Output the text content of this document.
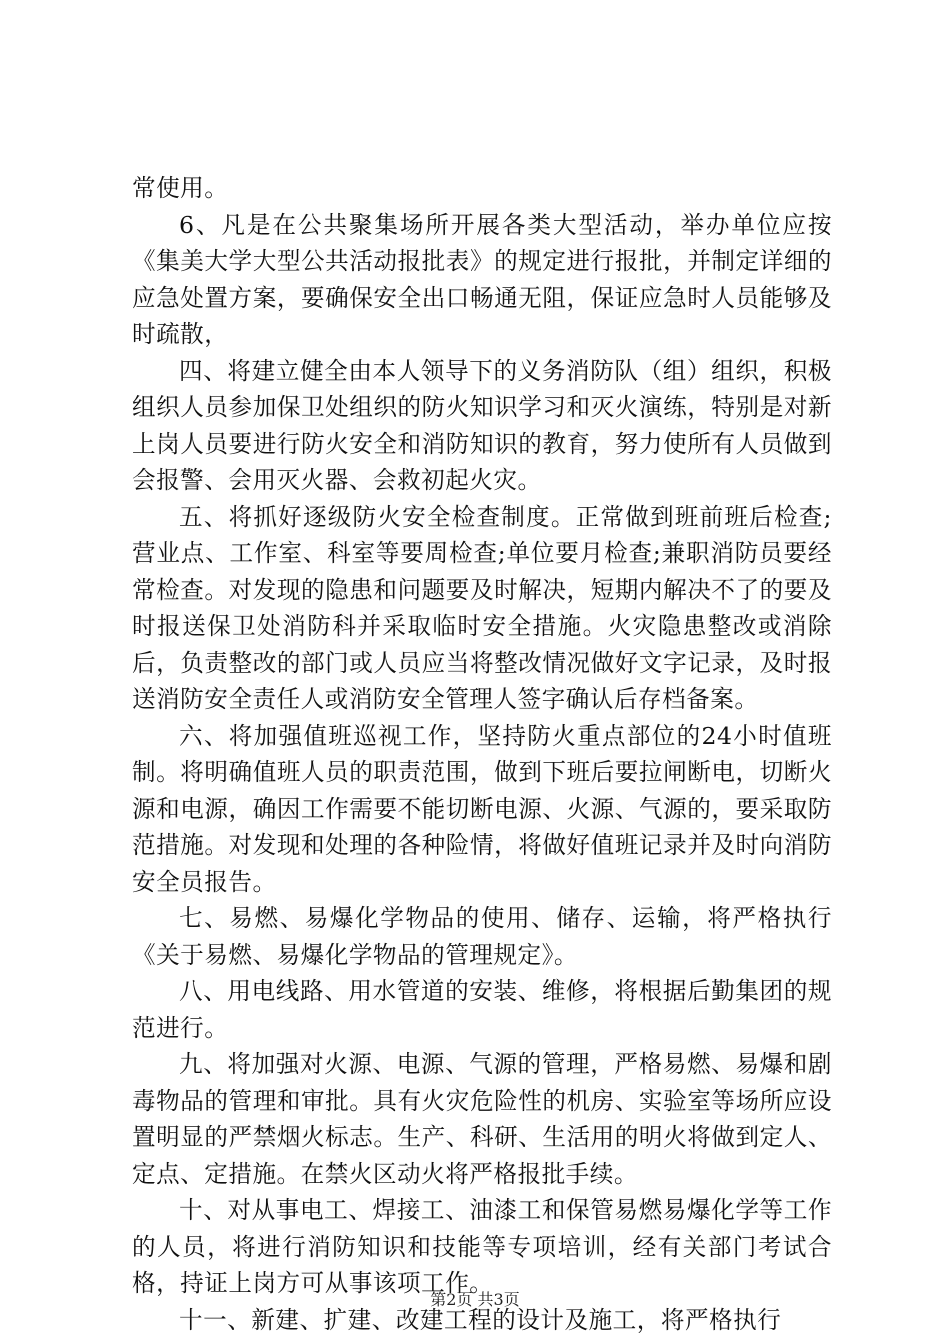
常使用。

6、凡是在公共聚集场所开展各类大型活动，举办单位应按《集美大学大型公共活动报批表》的规定进行报批，并制定详细的应急处置方案，要确保安全出口畅通无阻，保证应急时人员能够及时疏散，

四、将建立健全由本人领导下的义务消防队（组）组织，积极组织人员参加保卫处组织的防火知识学习和灭火演练，特别是对新上岗人员要进行防火安全和消防知识的教育，努力使所有人员做到会报警、会用灭火器、会救初起火灾。

五、将抓好逐级防火安全检查制度。正常做到班前班后检查;营业点、工作室、科室等要周检查;单位要月检查;兼职消防员要经常检查。对发现的隐患和问题要及时解决，短期内解决不了的要及时报送保卫处消防科并采取临时安全措施。火灾隐患整改或消除后，负责整改的部门或人员应当将整改情况做好文字记录，及时报送消防安全责任人或消防安全管理人签字确认后存档备案。

六、将加强值班巡视工作，坚持防火重点部位的24小时值班制。将明确值班人员的职责范围，做到下班后要拉闸断电，切断火源和电源，确因工作需要不能切断电源、火源、气源的，要采取防范措施。对发现和处理的各种险情，将做好值班记录并及时向消防安全员报告。

七、易燃、易爆化学物品的使用、储存、运输，将严格执行《关于易燃、易爆化学物品的管理规定》。

八、用电线路、用水管道的安装、维修，将根据后勤集团的规范进行。

九、将加强对火源、电源、气源的管理，严格易燃、易爆和剧毒物品的管理和审批。具有火灾危险性的机房、实验室等场所应设置明显的严禁烟火标志。生产、科研、生活用的明火将做到定人、定点、定措施。在禁火区动火将严格报批手续。

十、对从事电工、焊接工、油漆工和保管易燃易爆化学等工作的人员，将进行消防知识和技能等专项培训，经有关部门考试合格，持证上岗方可从事该项工作。

十一、新建、扩建、改建工程的设计及施工，将严格执行

第2页 共3页
